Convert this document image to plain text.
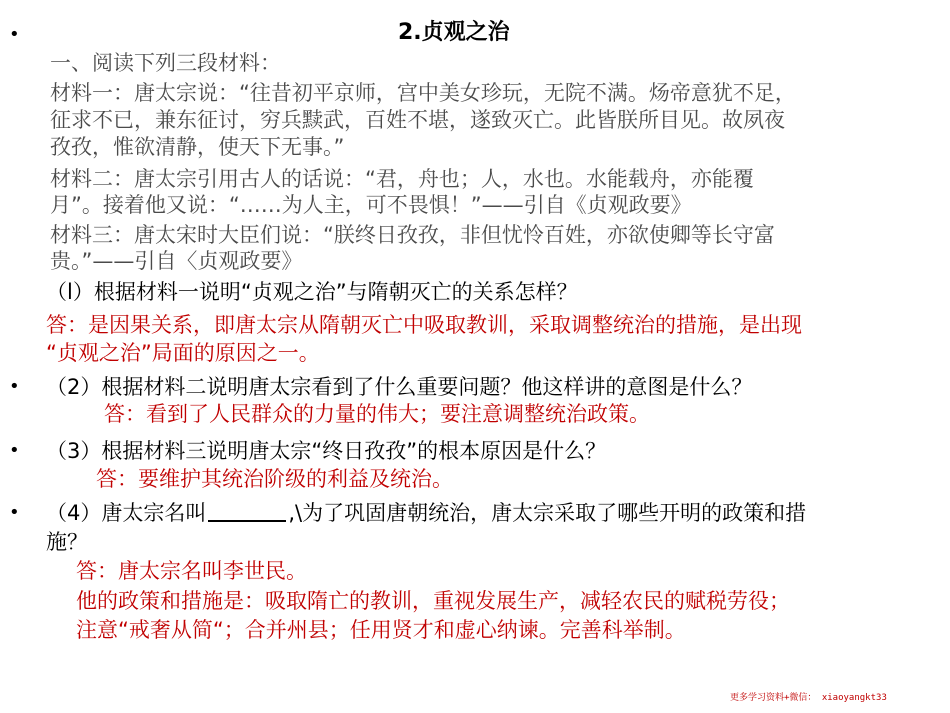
•
•
•
•
2.贞观之治
一、阅读下列三段材料：
材料一：唐太宗说：“往昔初平京师，宫中美女珍玩，无院不满。炀帝意犹不足，
征求不已，兼东征讨，穷兵黩武，百姓不堪，遂致灭亡。此皆朕所目见。故夙夜
孜孜，惟欲清静，使天下无事。”
材料二：唐太宗引用古人的话说：“君，舟也；人，水也。水能载舟，亦能覆
月”。接着他又说：“……为人主，可不畏惧！”——引自《贞观政要》
材料三：唐太宋时大臣们说：“朕终日孜孜，非但忧怜百姓，亦欲使卿等长守富
贵。”——引自〈贞观政要》
（l）根据材料一说明“贞观之治”与隋朝灭亡的关系怎样？
答：是因果关系，即唐太宗从隋朝灭亡中吸取教训，采取调整统治的措施，是出现
“贞观之治”局面的原因之一。
（2）根据材料二说明唐太宗看到了什么重要问题？他这样讲的意图是什么？
答：看到了人民群众的力量的伟大；要注意调整统治政策。
（3）根据材料三说明唐太宗“终日孜孜”的根本原因是什么？
答：要维护其统治阶级的利益及统治。
（4）唐太宗名叫	,\为了巩固唐朝统治，唐太宗采取了哪些开明的政策和措
施？
答：唐太宗名叫李世民。
他的政策和措施是：吸取隋亡的教训，重视发展生产，减轻农民的赋税劳役；
注意“戒奢从简“；合并州县；任用贤才和虚心纳谏。完善科举制。
更多学习资料+微信： xiaoyangkt33
